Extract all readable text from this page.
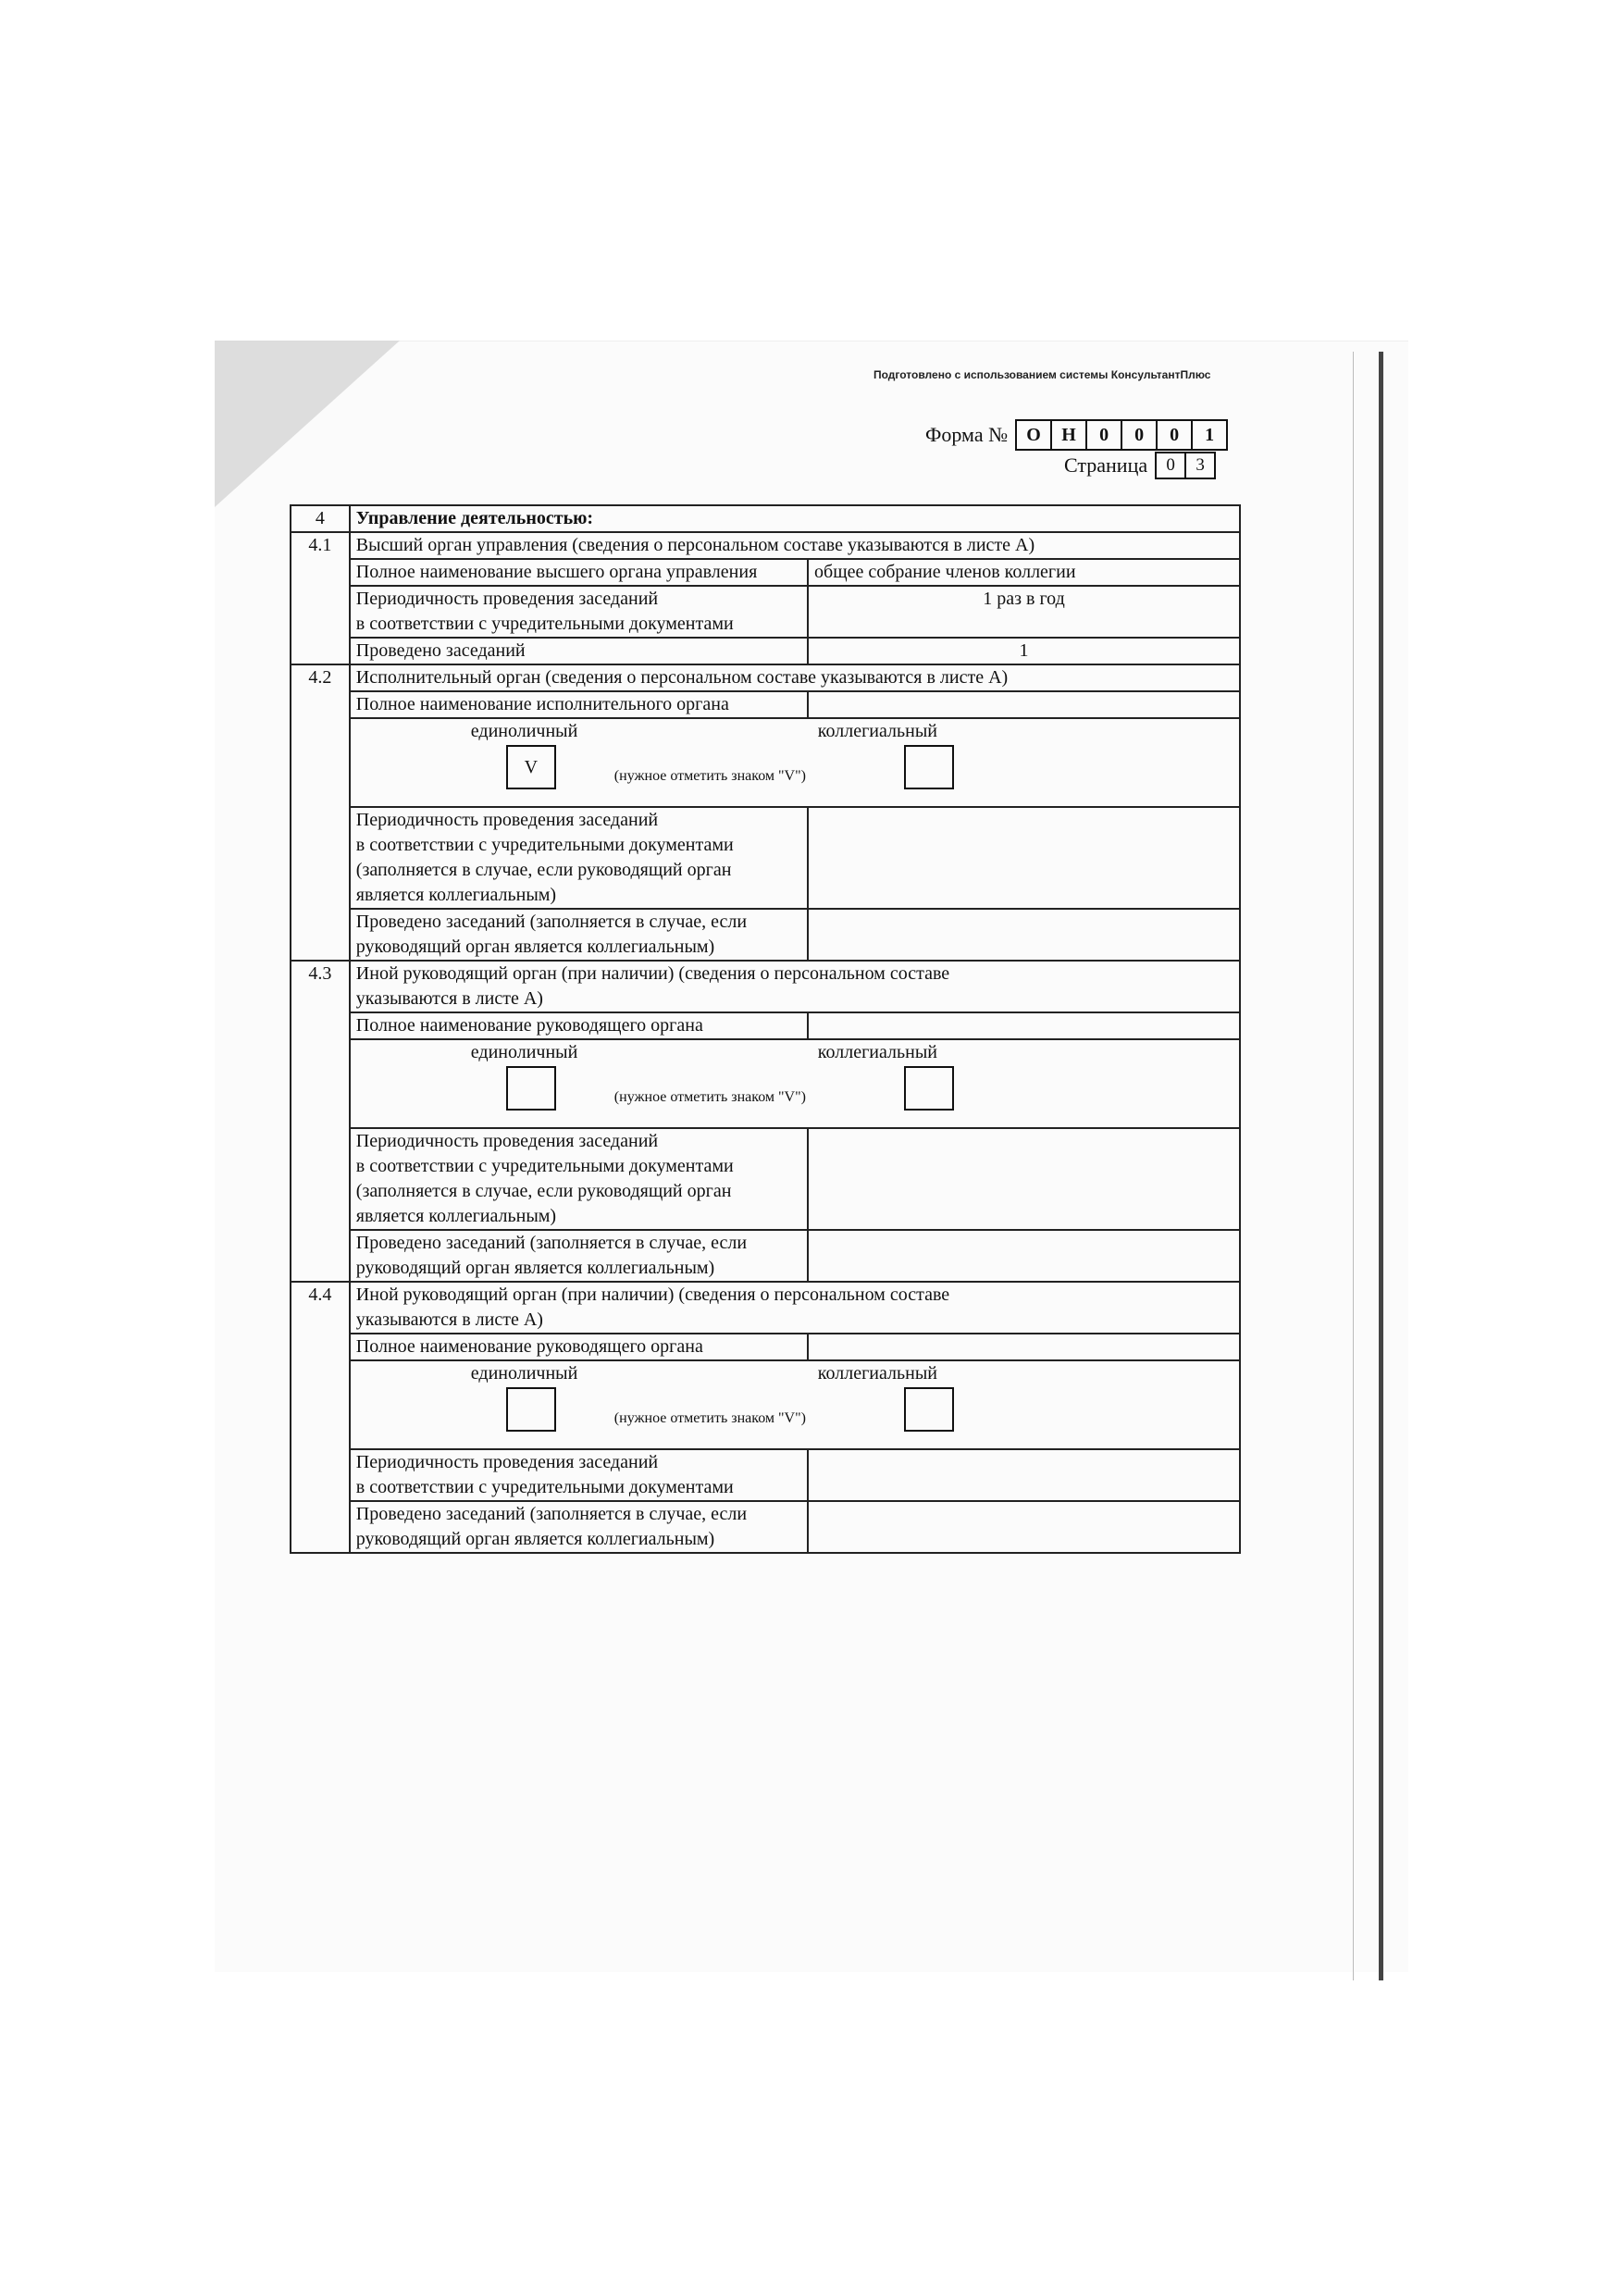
Подготовлено с использованием системы КонсультантПлюс
Форма №	О	Н	0	0	0	1
Страница	0	3
4	Управление деятельностью:	
4.1	Высший орган управления (сведения о персональном составе указываются в листе А)	
	Полное наименование высшего органа управления	общее собрание членов коллегии

	Периодичность проведения заседаний
в соответствии с учредительными документами	1 раз в год
	Проведено заседаний	1
4.2	Исполнительный орган (сведения о персональном составе указываются в листе А)	
	Полное наименование исполнительного органа	

	единоличный коллегиальный
V (нужное отметить знаком "V")	

	Периодичность проведения заседаний
в соответствии с учредительными документами
(заполняется в случае, если руководящий орган
является коллегиальным)	

	Проведено заседаний (заполняется в случае, если
руководящий орган является коллегиальным)	

4.3	Иной руководящий орган (при наличии) (сведения о персональном составе
указываются в листе А)	

	Полное наименование руководящего органа	

	единоличный коллегиальный
(нужное отметить знаком "V")	

	Периодичность проведения заседаний
в соответствии с учредительными документами
(заполняется в случае, если руководящий орган
является коллегиальным)	

	Проведено заседаний (заполняется в случае, если
руководящий орган является коллегиальным)	

4.4	Иной руководящий орган (при наличии) (сведения о персональном составе
указываются в листе А)	

	Полное наименование руководящего органа	

	единоличный коллегиальный
(нужное отметить знаком "V")	

	Периодичность проведения заседаний
в соответствии с учредительными документами	

	Проведено заседаний (заполняется в случае, если
руководящий орган является коллегиальным)	
